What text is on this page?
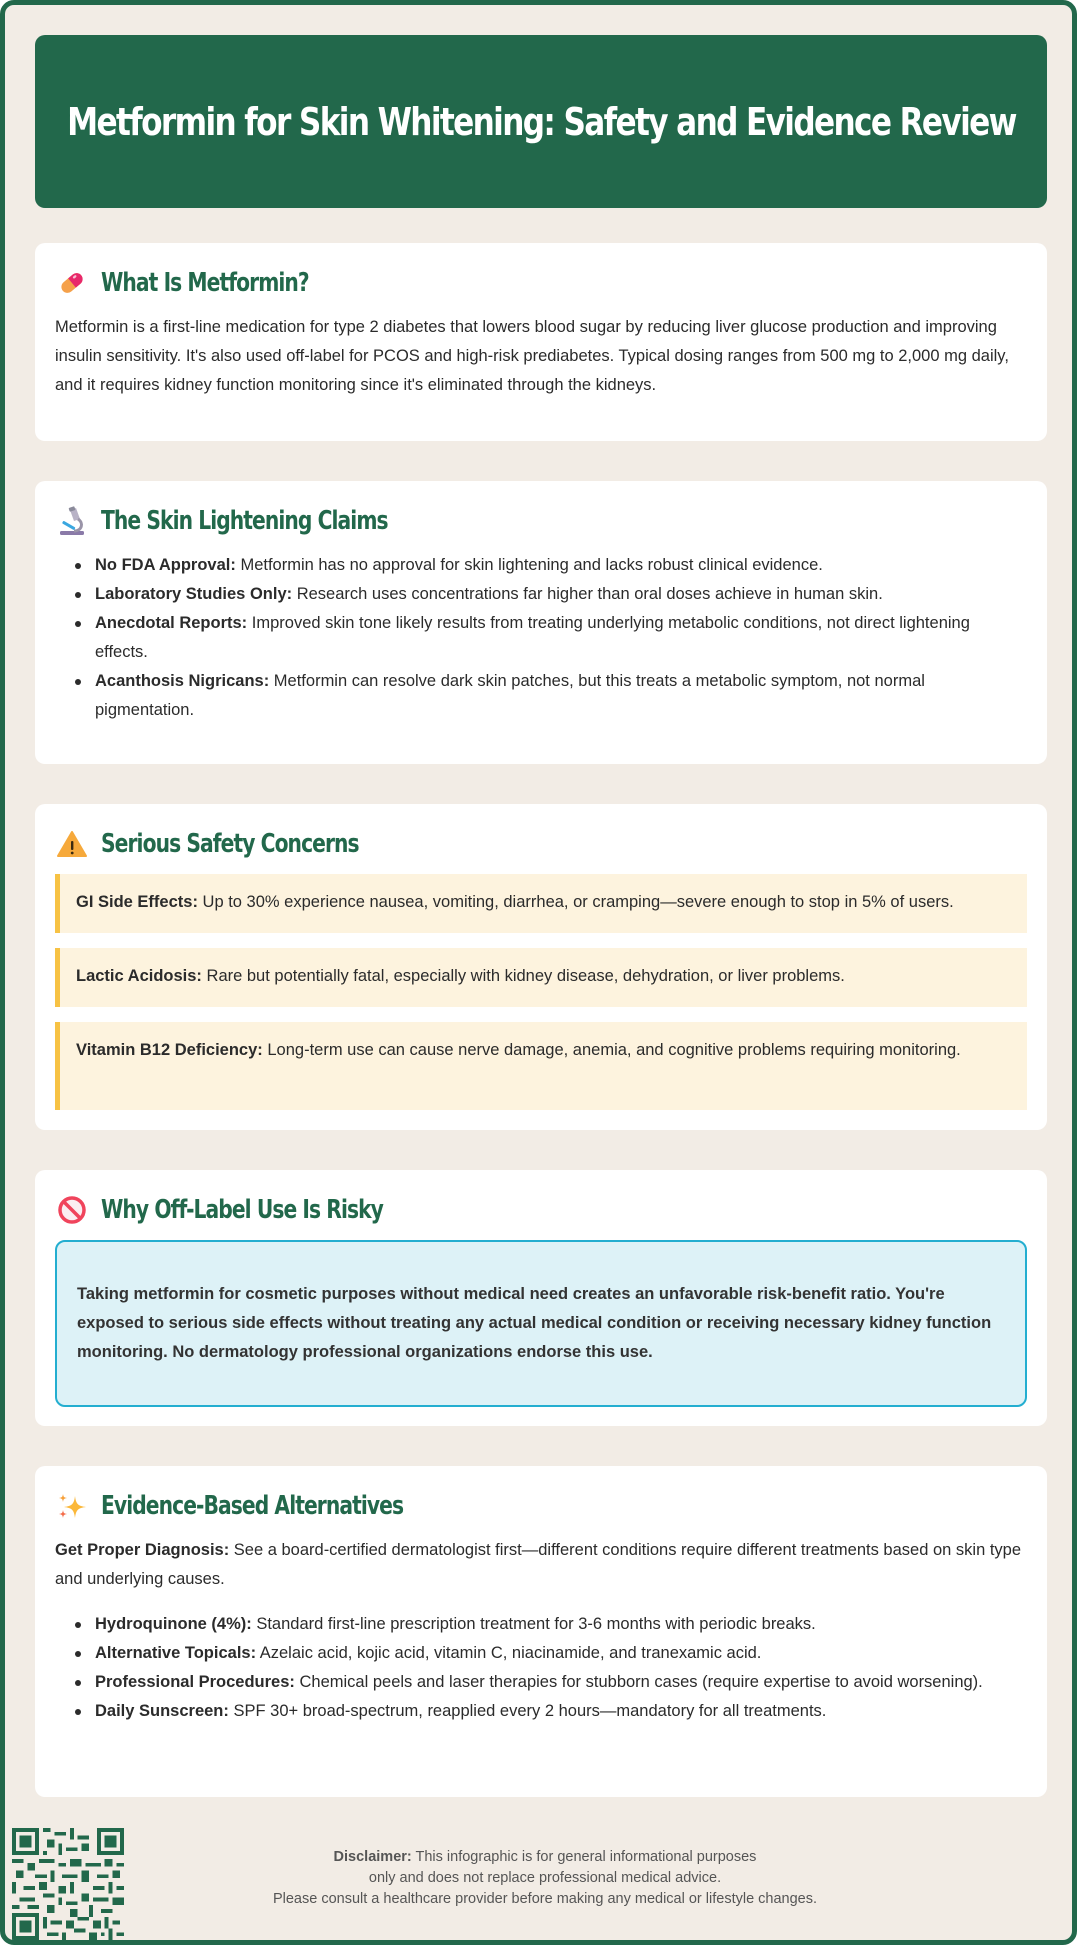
Metformin for Skin Whitening: Safety and Evidence Review
What Is Metformin?

Metformin is a first-line medication for type 2 diabetes that lowers blood sugar by reducing liver glucose production and improving insulin sensitivity. It's also used off-label for PCOS and high-risk prediabetes. Typical dosing ranges from 500 mg to 2,000 mg daily, and it requires kidney function monitoring since it's eliminated through the kidneys.

The Skin Lightening Claims
No FDA Approval: Metformin has no approval for skin lightening and lacks robust clinical evidence.
Laboratory Studies Only: Research uses concentrations far higher than oral doses achieve in human skin.
Anecdotal Reports: Improved skin tone likely results from treating underlying metabolic conditions, not direct lightening effects.
Acanthosis Nigricans: Metformin can resolve dark skin patches, but this treats a metabolic symptom, not normal pigmentation.
Serious Safety Concerns
GI Side Effects: Up to 30% experience nausea, vomiting, diarrhea, or cramping—severe enough to stop in 5% of users.
Lactic Acidosis: Rare but potentially fatal, especially with kidney disease, dehydration, or liver problems.
Vitamin B12 Deficiency: Long-term use can cause nerve damage, anemia, and cognitive problems requiring monitoring.
Why Off-Label Use Is Risky
Taking metformin for cosmetic purposes without medical need creates an unfavorable risk-benefit ratio. You're exposed to serious side effects without treating any actual medical condition or receiving necessary kidney function monitoring. No dermatology professional organizations endorse this use.
Evidence-Based Alternatives

Get Proper Diagnosis: See a board-certified dermatologist first—different conditions require different treatments based on skin type and underlying causes.

Hydroquinone (4%): Standard first-line prescription treatment for 3-6 months with periodic breaks.
Alternative Topicals: Azelaic acid, kojic acid, vitamin C, niacinamide, and tranexamic acid.
Professional Procedures: Chemical peels and laser therapies for stubborn cases (require expertise to avoid worsening).
Daily Sunscreen: SPF 30+ broad-spectrum, reapplied every 2 hours—mandatory for all treatments.
Disclaimer: This infographic is for general informational purposes
only and does not replace professional medical advice.
Please consult a healthcare provider before making any medical or lifestyle changes.
